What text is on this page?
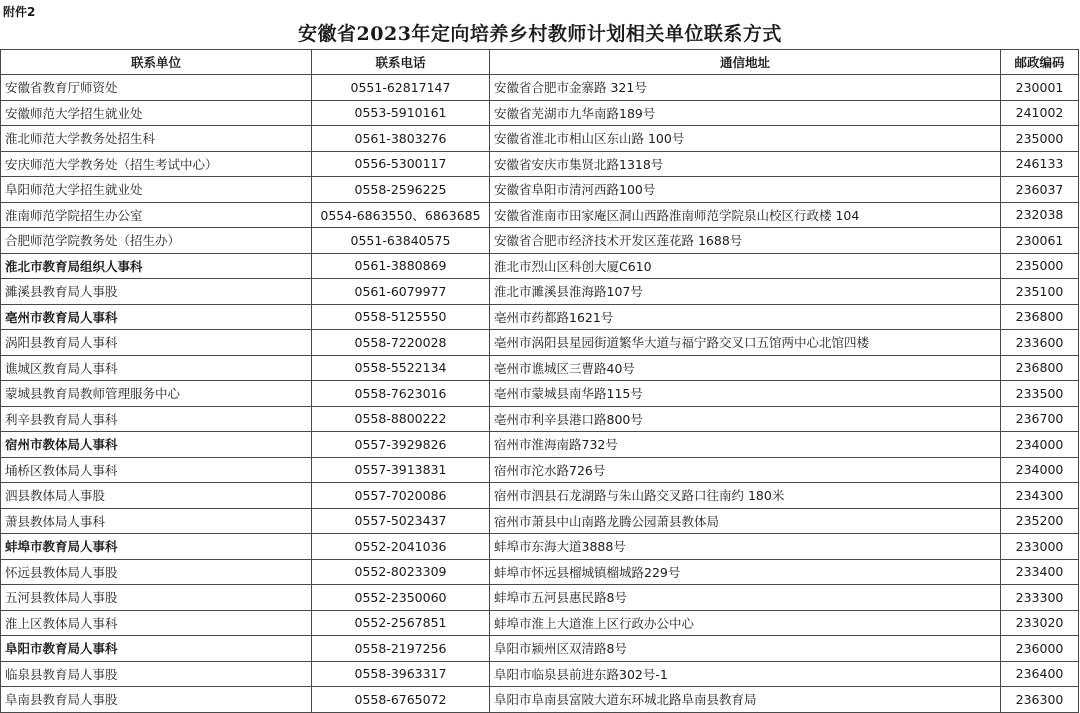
附件2
安徽省2023年定向培养乡村教师计划相关单位联系方式
联系单位	联系电话	通信地址	邮政编码
安徽省教育厅师资处	0551-62817147	安徽省合肥市金寨路 321号	230001
安徽师范大学招生就业处	0553-5910161	安徽省芜湖市九华南路189号	241002
淮北师范大学教务处招生科	0561-3803276	安徽省淮北市相山区东山路 100号	235000
安庆师范大学教务处（招生考试中心）	0556-5300117	安徽省安庆市集贤北路1318号	246133
阜阳师范大学招生就业处	0558-2596225	安徽省阜阳市清河西路100号	236037
淮南师范学院招生办公室	0554-6863550、6863685	安徽省淮南市田家庵区洞山西路淮南师范学院泉山校区行政楼 104	232038
合肥师范学院教务处（招生办）	0551-63840575	安徽省合肥市经济技术开发区莲花路 1688号	230061
淮北市教育局组织人事科	0561-3880869	淮北市烈山区科创大厦C610	235000
濉溪县教育局人事股	0561-6079977	淮北市濉溪县淮海路107号	235100
亳州市教育局人事科	0558-5125550	亳州市药都路1621号	236800
涡阳县教育局人事科	0558-7220028	亳州市涡阳县星园街道繁华大道与福宁路交叉口五馆两中心北馆四楼	233600
谯城区教育局人事科	0558-5522134	亳州市谯城区三曹路40号	236800
蒙城县教育局教师管理服务中心	0558-7623016	亳州市蒙城县南华路115号	233500
利辛县教育局人事科	0558-8800222	亳州市利辛县港口路800号	236700
宿州市教体局人事科	0557-3929826	宿州市淮海南路732号	234000
埇桥区教体局人事科	0557-3913831	宿州市沱水路726号	234000
泗县教体局人事股	0557-7020086	宿州市泗县石龙湖路与朱山路交叉路口往南约 180米	234300
萧县教体局人事科	0557-5023437	宿州市萧县中山南路龙腾公园萧县教体局	235200
蚌埠市教育局人事科	0552-2041036	蚌埠市东海大道3888号	233000
怀远县教体局人事股	0552-8023309	蚌埠市怀远县榴城镇榴城路229号	233400
五河县教体局人事股	0552-2350060	蚌埠市五河县惠民路8号	233300
淮上区教体局人事科	0552-2567851	蚌埠市淮上大道淮上区行政办公中心	233020
阜阳市教育局人事科	0558-2197256	阜阳市颍州区双清路8号	236000
临泉县教育局人事股	0558-3963317	阜阳市临泉县前进东路302号-1	236400
阜南县教育局人事股	0558-6765072	阜阳市阜南县富陂大道东环城北路阜南县教育局	236300
